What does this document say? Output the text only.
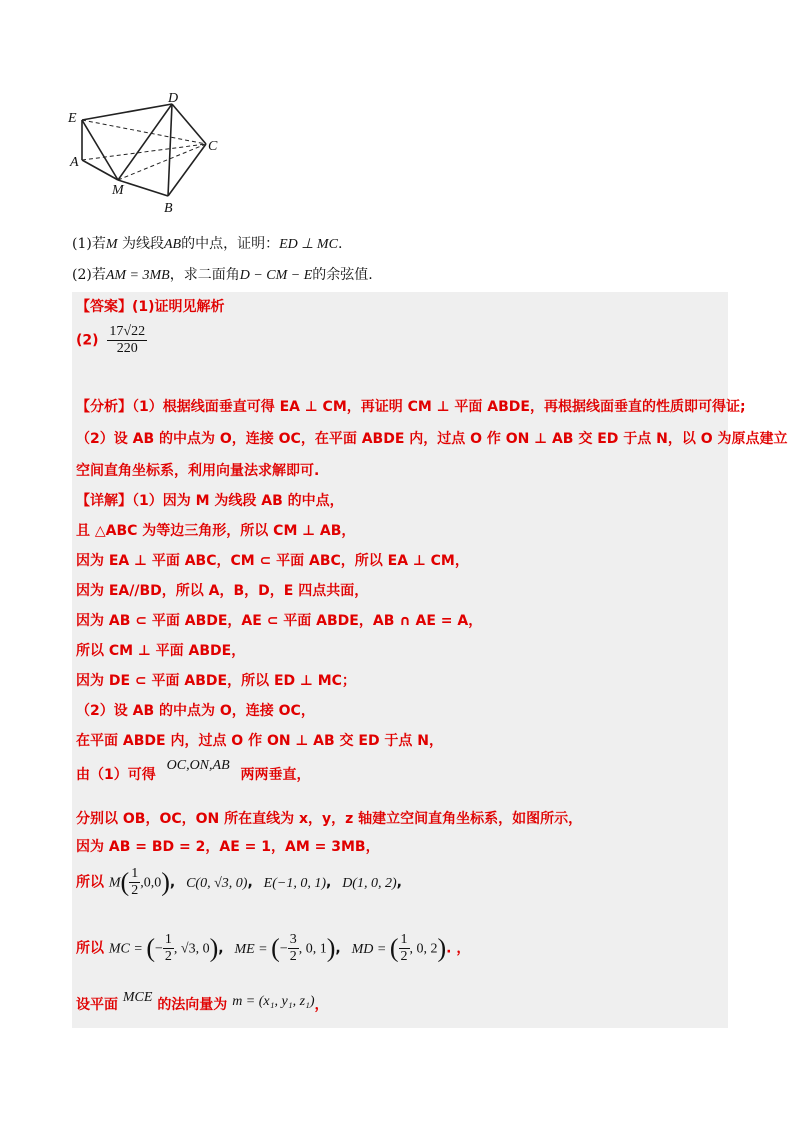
E
D
C
A
M
B
(1)若M 为线段AB的中点，证明：ED ⊥ MC.
(2)若AM = 3MB，求二面角D − CM − E的余弦值.
【答案】(1)证明见解析
$(2) \frac{17√22}{220}$
【分析】（1）根据线面垂直可得 EA ⊥ CM，再证明 CM ⊥ 平面 ABDE，再根据线面垂直的性质即可得证;
（2）设 AB 的中点为 O，连接 OC，在平面 ABDE 内，过点 O 作 ON ⊥ AB 交 ED 于点 N，以 O 为原点建立
空间直角坐标系，利用向量法求解即可.
【详解】（1）因为 M 为线段 AB 的中点，
且 △ABC 为等边三角形，所以 CM ⊥ AB，
因为 EA ⊥ 平面 ABC，CM ⊂ 平面 ABC，所以 EA ⊥ CM，
因为 EA//BD，所以 A，B，D，E 四点共面，
因为 AB ⊂ 平面 ABDE，AE ⊂ 平面 ABDE，AB ∩ AE = A，
所以 CM ⊥ 平面 ABDE，
因为 DE ⊂ 平面 ABDE，所以 ED ⊥ MC；
（2）设 AB 的中点为 O，连接 OC，
在平面 ABDE 内，过点 O 作 ON ⊥ AB 交 ED 于点 N，
由（1）可得 OC,ON,AB 两两垂直，
分别以 OB，OC，ON 所在直线为 x，y，z 轴建立空间直角坐标系，如图所示，
因为 AB = BD = 2，AE = 1，AM = 3MB，
所以 $M( \frac{1}{2} ,0,0)$, C(0, √3, 0), E(−1, 0, 1), D(1, 0, 2),
所以 MC = (− $\frac{1}{2}$ , √3, 0), ME = (− $\frac{3}{2}$ , 0, 1), MD = ( $\frac{1}{2}$ , 0, 2). ，
设平面 MCE 的法向量为 m = (x₁, y₁, z₁)，
